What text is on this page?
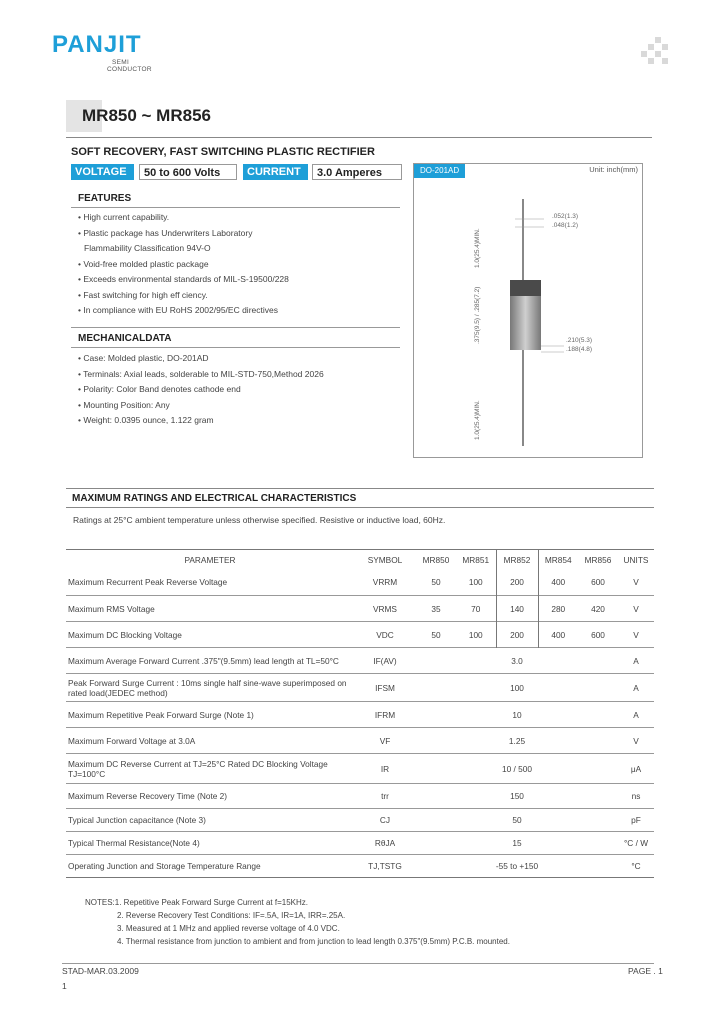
PANJIT
SEMI
CONDUCTOR
MR850 ~ MR856
SOFT RECOVERY, FAST SWITCHING PLASTIC RECTIFIER
VOLTAGE	50 to 600 Volts	CURRENT	3.0 Amperes
FEATURES
• High current capability.
• Plastic package has Underwriters Laboratory
Flammability Classification 94V-O
• Void-free molded plastic package
• Exceeds environmental standards of MIL-S-19500/228
• Fast switching for high eff ciency.
• In compliance with EU RoHS 2002/95/EC directives
MECHANICALDATA
• Case: Molded plastic, DO-201AD
• Terminals: Axial leads, solderable to MIL-STD-750,Method 2026
• Polarity: Color Band denotes cathode end
• Mounting Position: Any
• Weight: 0.0395 ounce, 1.122 gram
DO-201AD	Unit: inch(mm)
.052(1.3)
.048(1.2)
.210(5.3)
.188(4.8)
1.0(25.4)MIN.
.375(9.5) / .285(7.2)
1.0(25.4)MIN.
MAXIMUM RATINGS AND ELECTRICAL CHARACTERISTICS
Ratings at 25°C ambient temperature unless otherwise specified. Resistive or inductive load, 60Hz.
PARAMETER	SYMBOL	MR850	MR851	MR852	MR854	MR856	UNITS
Maximum Recurrent Peak Reverse Voltage	VRRM	50	100	200	400	600	V
Maximum RMS Voltage	VRMS	35	70	140	280	420	V
Maximum DC Blocking Voltage	VDC	50	100	200	400	600	V
Maximum Average Forward Current .375"(9.5mm) lead length at TL=50°C	IF(AV)	3.0					A
Peak Forward Surge Current : 10ms single half sine-wave superimposed on rated load(JEDEC method)	IFSM	100					A
Maximum Repetitive Peak Forward Surge (Note 1)	IFRM	10					A
Maximum Forward Voltage at 3.0A	VF	1.25					V
Maximum DC Reverse Current at TJ=25°C Rated DC Blocking Voltage TJ=100°C	IR	10 / 500					μA
Maximum Reverse Recovery Time (Note 2)	trr	150					ns
Typical Junction capacitance (Note 3)	CJ	50					pF
Typical Thermal Resistance(Note 4)	RθJA	15					°C / W
Operating Junction and Storage Temperature Range	TJ,TSTG	-55 to +150					°C
NOTES:1. Repetitive Peak Forward Surge Current at f=15KHz.
2. Reverse Recovery Test Conditions: IF=.5A, IR=1A, IRR=.25A.
3. Measured at 1 MHz and applied reverse voltage of 4.0 VDC.
4. Thermal resistance from junction to ambient and from junction to lead length 0.375"(9.5mm) P.C.B. mounted.
STAD-MAR.03.2009
1
PAGE . 1
